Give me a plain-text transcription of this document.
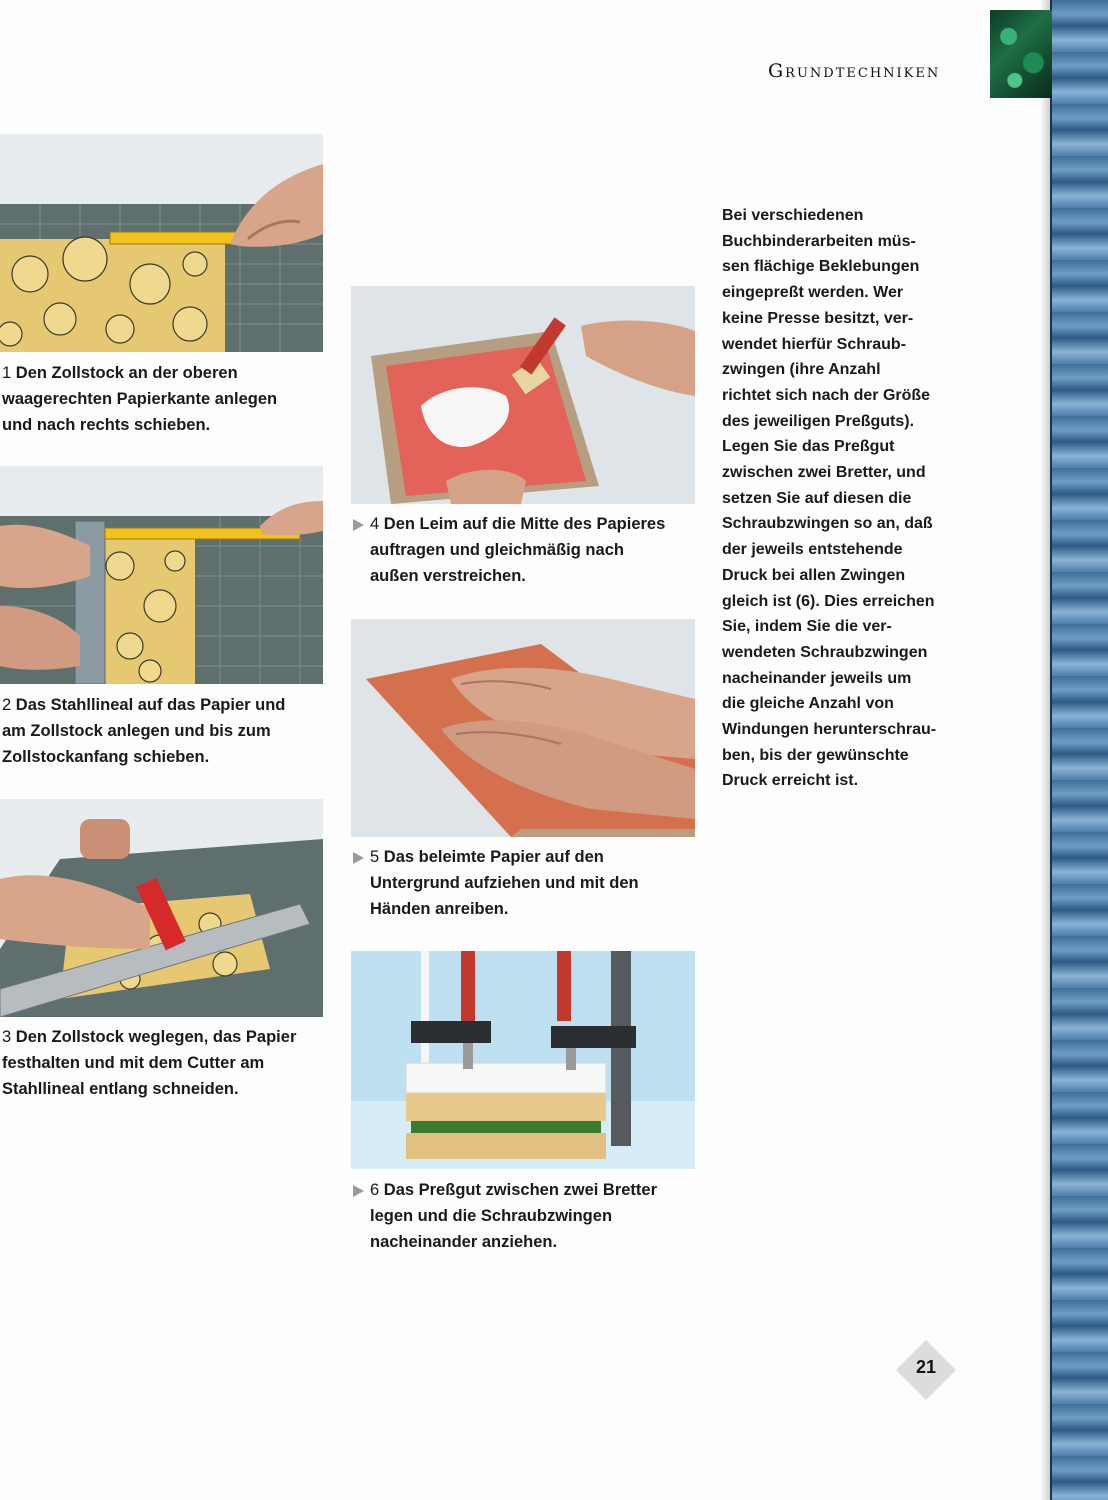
Grundtechniken
1 Den Zollstock an der oberen
waagerechten Papierkante anlegen
und nach rechts schieben.
2 Das Stahllineal auf das Papier und
am Zollstock anlegen und bis zum
Zollstockanfang schieben.
3 Den Zollstock weglegen, das Papier
festhalten und mit dem Cutter am
Stahllineal entlang schneiden.
4 Den Leim auf die Mitte des Papieres
auftragen und gleichmäßig nach
außen verstreichen.
5 Das beleimte Papier auf den
Untergrund aufziehen und mit den
Händen anreiben.
6 Das Preßgut zwischen zwei Bretter
legen und die Schraubzwingen
nacheinander anziehen.

Bei verschiedenen

Buchbinderarbeiten müs-

sen flächige Beklebungen

eingepreßt werden. Wer

keine Presse besitzt, ver-

wendet hierfür Schraub-

zwingen (ihre Anzahl

richtet sich nach der Größe

des jeweiligen Preßguts).

Legen Sie das Preßgut

zwischen zwei Bretter, und

setzen Sie auf diesen die

Schraubzwingen so an, daß

der jeweils entstehende

Druck bei allen Zwingen

gleich ist (6). Dies erreichen

Sie, indem Sie die ver-

wendeten Schraubzwingen

nacheinander jeweils um

die gleiche Anzahl von

Windungen herunterschrau-

ben, bis der gewünschte

Druck erreicht ist.

21
